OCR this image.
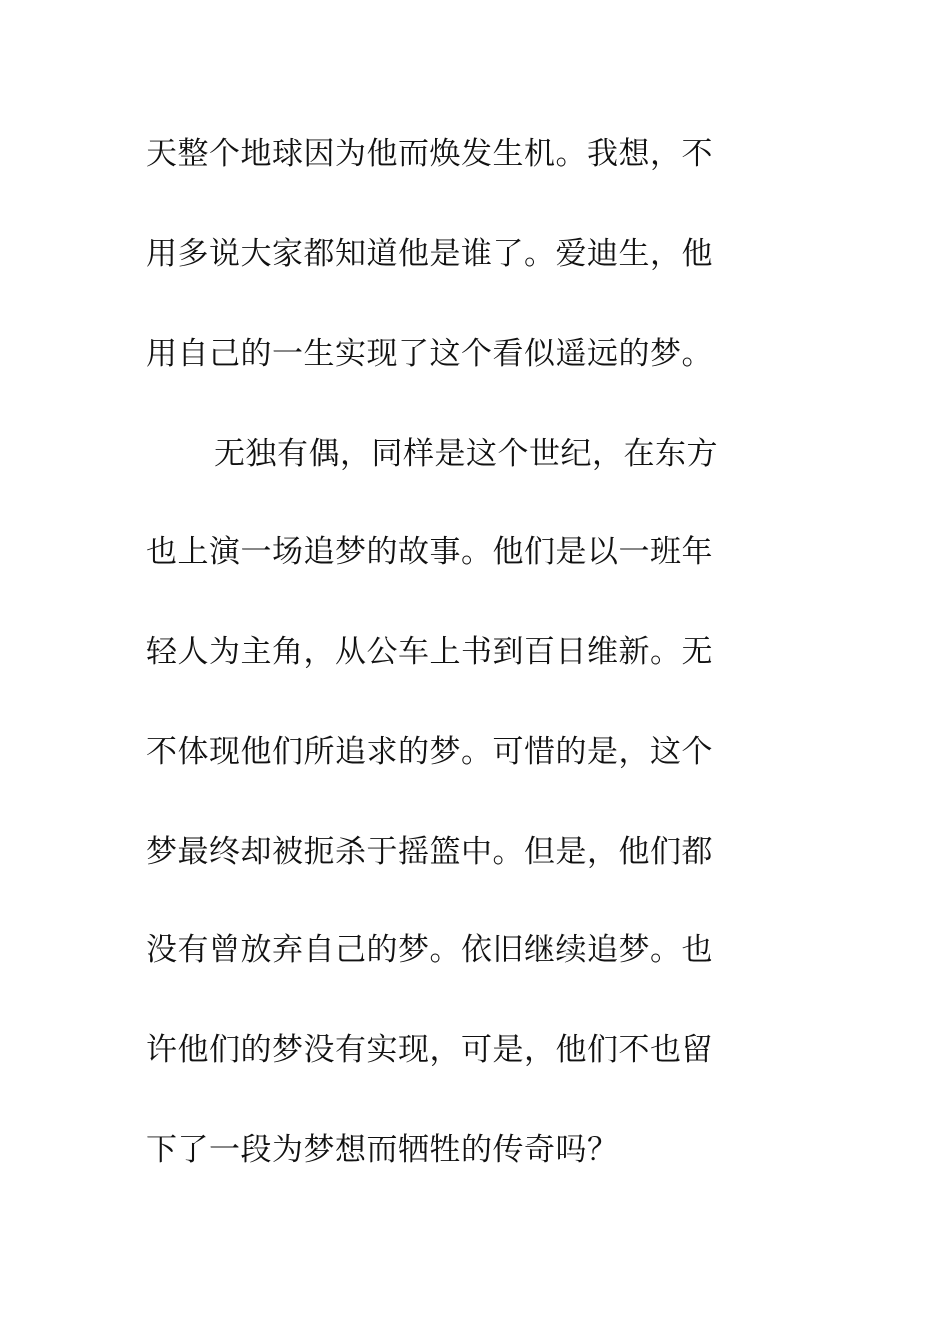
天整个地球因为他而焕发生机。我想，不
用多说大家都知道他是谁了。爱迪生，他
用自己的一生实现了这个看似遥远的梦。
无独有偶，同样是这个世纪，在东方
也上演一场追梦的故事。他们是以一班年
轻人为主角，从公车上书到百日维新。无
不体现他们所追求的梦。可惜的是，这个
梦最终却被扼杀于摇篮中。但是，他们都
没有曾放弃自己的梦。依旧继续追梦。也
许他们的梦没有实现，可是，他们不也留
下了一段为梦想而牺牲的传奇吗？
